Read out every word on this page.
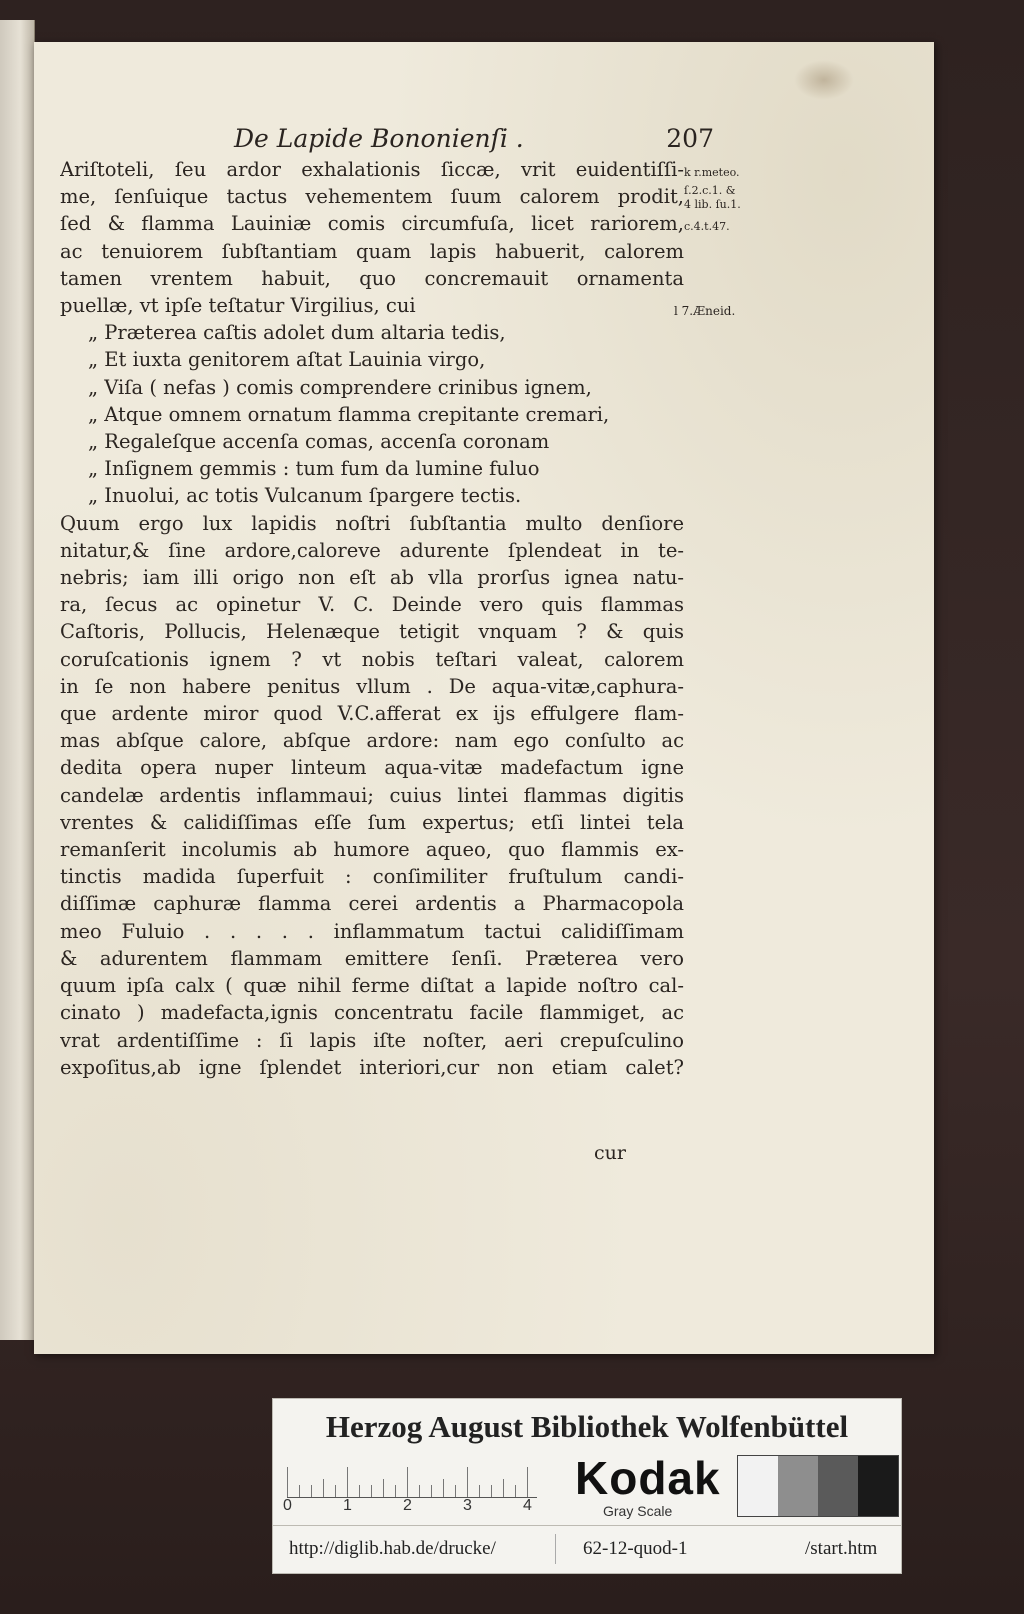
De Lapide Bononienſi .	207
Ariſtoteli, ſeu ardor exhalationis ſiccæ, vrit euidentiſſi-
me, ſenſuique tactus vehementem ſuum calorem prodit,
ſed & flamma Lauiniæ comis circumfuſa, licet rariorem,
ac tenuiorem ſubſtantiam quam lapis habuerit, calorem
tamen vrentem habuit, quo concremauit ornamenta
puellæ, vt ipſe teſtatur Virgilius, cui
„ Præterea caſtis adolet dum altaria tedis,
„ Et iuxta genitorem aſtat Lauinia virgo,
„ Viſa ( nefas ) comis comprendere crinibus ignem,
„ Atque omnem ornatum flamma crepitante cremari,
„ Regaleſque accenſa comas, accenſa coronam
„ Inſignem gemmis : tum fum da lumine fuluo
„ Inuolui, ac totis Vulcanum ſpargere tectis.
Quum ergo lux lapidis noſtri ſubſtantia multo denſiore
nitatur,& ſine ardore,caloreve adurente ſplendeat in te-
nebris; iam illi origo non eſt ab vlla prorſus ignea natu-
ra, ſecus ac opinetur V. C. Deinde vero quis flammas
Caſtoris, Pollucis, Helenæque tetigit vnquam ? & quis
coruſcationis ignem ? vt nobis teſtari valeat, calorem
in ſe non habere penitus vllum . De aqua-vitæ,caphura-
que ardente miror quod V.C.afferat ex ijs effulgere flam-
mas abſque calore, abſque ardore: nam ego conſulto ac
dedita opera nuper linteum aqua-vitæ madefactum igne
candelæ ardentis inflammaui; cuius lintei flammas digitis
vrentes & calidiſſimas eſſe ſum expertus; etſi lintei tela
remanſerit incolumis ab humore aqueo, quo flammis ex-
tinctis madida ſuperfuit : conſimiliter fruſtulum candi-
diſſimæ caphuræ flamma cerei ardentis a Pharmacopola
meo Fuluio . . . . . inflammatum tactui calidiſſimam
& adurentem flammam emittere ſenſi. Præterea vero
quum ipſa calx ( quæ nihil ferme diſtat a lapide noſtro cal-
cinato ) madefacta,ignis concentratu facile flammiget, ac
vrat ardentiſſime : ſi lapis iſte noſter, aeri crepuſculino
expoſitus,ab igne ſplendet interiori,cur non etiam calet?
cur
k r.meteo.
ſ.2.c.1. &
4 lib. ſu.1.
c.4.t.47.
l 7.Æneid.
Herzog August Bibliothek Wolfenbüttel
0	1	2	3	4
Kodak
Gray Scale
http://diglib.hab.de/drucke/	62-12-quod-1	/start.htm
